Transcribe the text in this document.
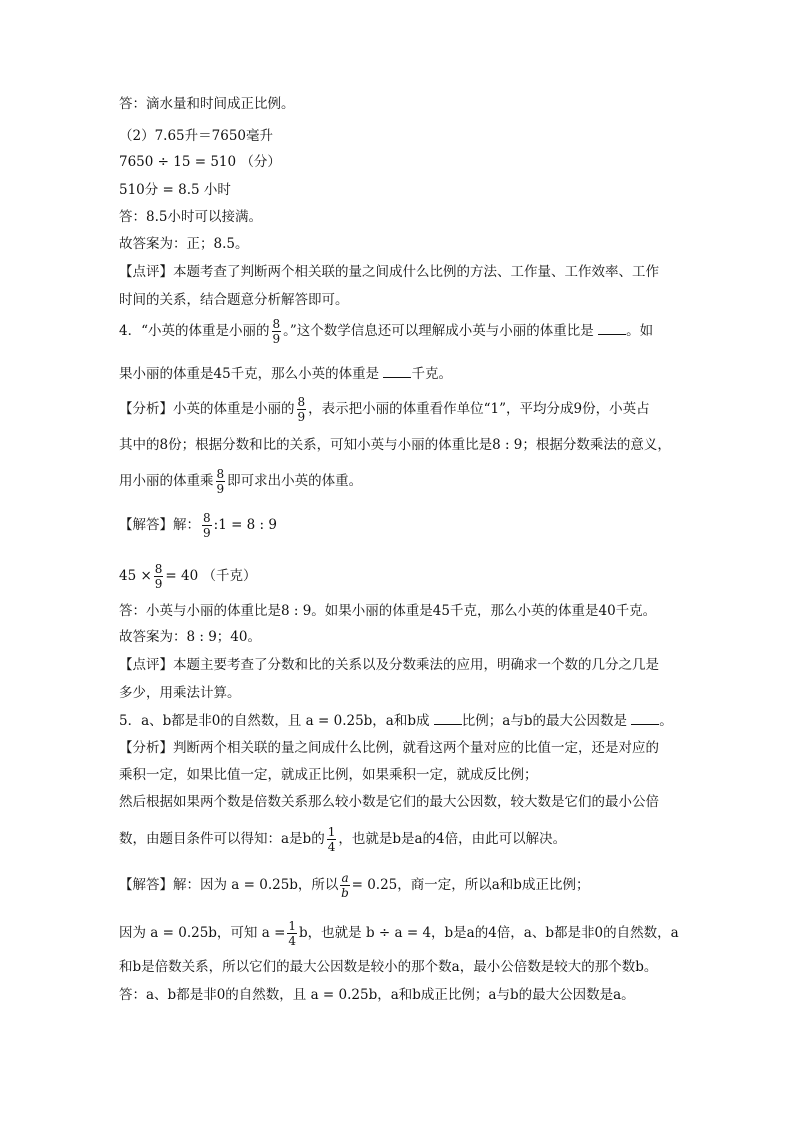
答：滴水量和时间成正比例。
（2）7.65升＝7650毫升
7650 ÷ 15 = 510 （分）
510分 = 8.5 小时
答：8.5小时可以接满。
故答案为：正；8.5。
【点评】本题考查了判断两个相关联的量之间成什么比例的方法、工作量、工作效率、工作
时间的关系，结合题意分析解答即可。
4．“小英的体重是小丽的 $\frac{8}{9}$ 。”这个数学信息还可以理解成小英与小丽的体重比是 。如
果小丽的体重是45千克，那么小英的体重是 千克。
【分析】小英的体重是小丽的 $\frac{8}{9}$ ，表示把小丽的体重看作单位“1”，平均分成9份，小英占
其中的8份；根据分数和比的关系，可知小英与小丽的体重比是8 : 9；根据分数乘法的意义，
用小丽的体重乘 $\frac{8}{9}$ 即可求出小英的体重。
【解答】解： $\frac{8}{9}$ :1 = 8 : 9
$45 \times \frac{8}{9} = 40$ （千克）
答：小英与小丽的体重比是8 : 9。如果小丽的体重是45千克，那么小英的体重是40千克。
故答案为：8 : 9；40。
【点评】本题主要考查了分数和比的关系以及分数乘法的应用，明确求一个数的几分之几是
多少，用乘法计算。
5．a、b都是非0的自然数，且 a = 0.25b，a和b成 比例；a与b的最大公因数是 。
【分析】判断两个相关联的量之间成什么比例，就看这两个量对应的比值一定，还是对应的
乘积一定，如果比值一定，就成正比例，如果乘积一定，就成反比例；
然后根据如果两个数是倍数关系那么较小数是它们的最大公因数，较大数是它们的最小公倍
数，由题目条件可以得知：a是b的 $\frac{1}{4}$ ，也就是b是a的4倍，由此可以解决。
【解答】解：因为 a = 0.25b，所以 $\frac{a}{b} = 0.25$，商一定，所以a和b成正比例；
因为 a = 0.25b，可知 $a = \frac{1}{4}$ b，也就是 b ÷ a = 4，b是a的4倍，a、b都是非0的自然数，a
和b是倍数关系，所以它们的最大公因数是较小的那个数a，最小公倍数是较大的那个数b。
答：a、b都是非0的自然数，且 a = 0.25b，a和b成正比例；a与b的最大公因数是a。
